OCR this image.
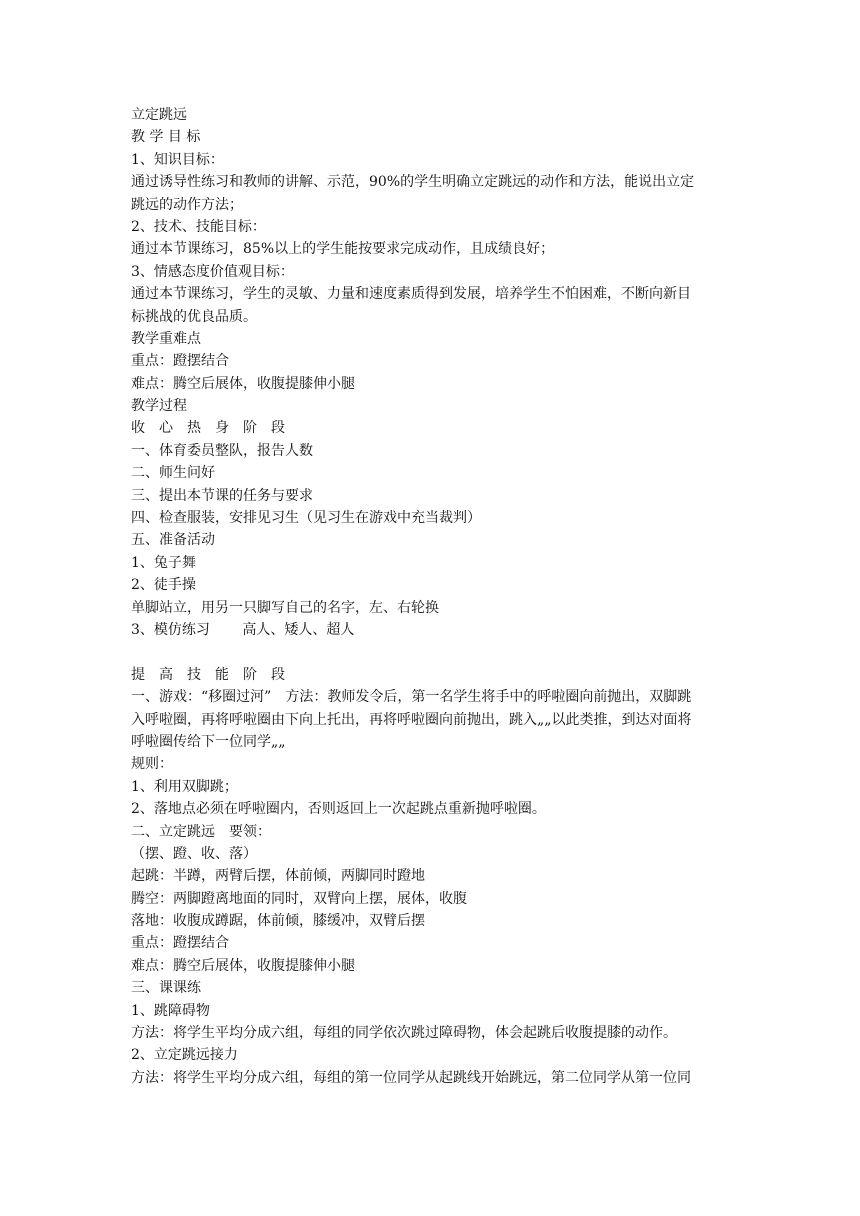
立定跳远
教 学 目 标
1、知识目标：
通过诱导性练习和教师的讲解、示范，90%的学生明确立定跳远的动作和方法，能说出立定
跳远的动作方法；
2、技术、技能目标：
通过本节课练习，85%以上的学生能按要求完成动作，且成绩良好；
3、情感态度价值观目标：
通过本节课练习，学生的灵敏、力量和速度素质得到发展，培养学生不怕困难，不断向新目
标挑战的优良品质。
教学重难点
重点：蹬摆结合
难点：腾空后展体，收腹提膝伸小腿
教学过程
收　心　热　身　阶　段
一、体育委员整队，报告人数
二、师生问好
三、提出本节课的任务与要求
四、检查服装，安排见习生（见习生在游戏中充当裁判）
五、准备活动
1、兔子舞
2、徒手操
单脚站立，用另一只脚写自己的名字，左、右轮换
3、模仿练习　　 高人、矮人、超人
提　高　技　能　阶　段
一、游戏：“移圈过河”　方法：教师发令后，第一名学生将手中的呼啦圈向前抛出，双脚跳
入呼啦圈，再将呼啦圈由下向上托出，再将呼啦圈向前抛出，跳入„„以此类推，到达对面将
呼啦圈传给下一位同学„„
规则：
1、利用双脚跳；
2、落地点必须在呼啦圈内，否则返回上一次起跳点重新抛呼啦圈。
二、立定跳远　要领：
（摆、蹬、收、落）
起跳：半蹲，两臂后摆，体前倾，两脚同时蹬地
腾空：两脚蹬离地面的同时，双臂向上摆，展体，收腹
落地：收腹成蹲踞，体前倾，膝缓冲，双臂后摆
重点：蹬摆结合
难点：腾空后展体，收腹提膝伸小腿
三、课课练
1、跳障碍物
方法：将学生平均分成六组，每组的同学依次跳过障碍物，体会起跳后收腹提膝的动作。
2、立定跳远接力
方法：将学生平均分成六组，每组的第一位同学从起跳线开始跳远，第二位同学从第一位同
